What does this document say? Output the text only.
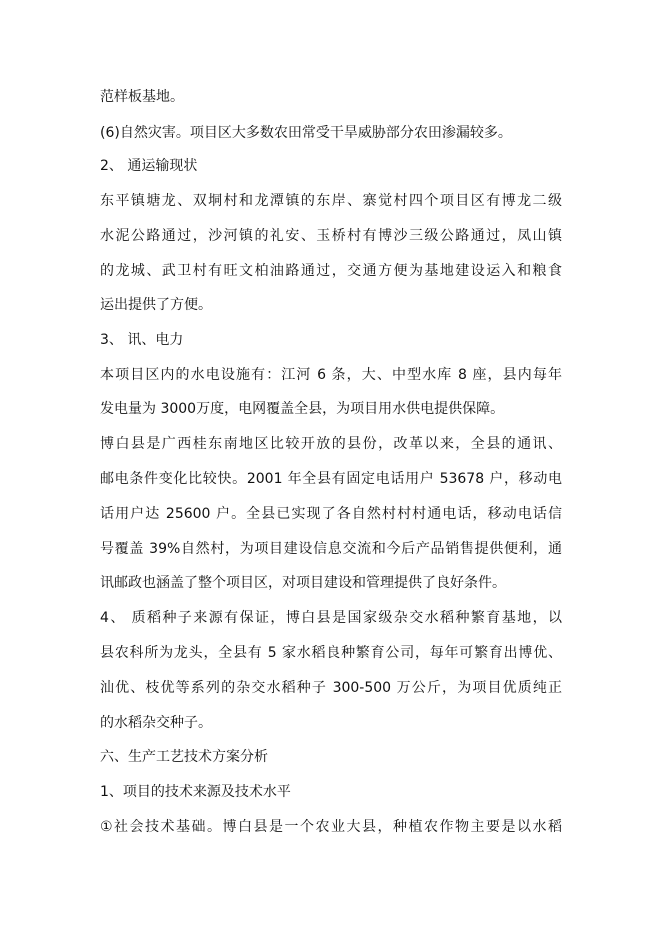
范样板基地。
(6)自然灾害。项目区大多数农田常受干旱威胁部分农田渗漏较多。
2、 通运输现状
东平镇塘龙、双垌村和龙潭镇的东岸、寨觉村四个项目区有博龙二级
水泥公路通过，沙河镇的礼安、玉桥村有博沙三级公路通过，凤山镇
的龙城、武卫村有旺文柏油路通过，交通方便为基地建设运入和粮食
运出提供了方便。
3、 讯、电力
本项目区内的水电设施有：江河 6 条，大、中型水库 8 座，县内每年
发电量为 3000万度，电网覆盖全县，为项目用水供电提供保障。
博白县是广西桂东南地区比较开放的县份，改革以来，全县的通讯、
邮电条件变化比较快。2001 年全县有固定电话用户 53678 户，移动电
话用户达 25600 户。全县已实现了各自然村村村通电话，移动电话信
号覆盖 39%自然村，为项目建设信息交流和今后产品销售提供便利，通
讯邮政也涵盖了整个项目区，对项目建设和管理提供了良好条件。
4、 质稻种子来源有保证，博白县是国家级杂交水稻种繁育基地，以
县农科所为龙头，全县有 5 家水稻良种繁育公司，每年可繁育出博优、
汕优、枝优等系列的杂交水稻种子 300-500 万公斤，为项目优质纯正
的水稻杂交种子。
六、生产工艺技术方案分析
1、项目的技术来源及技术水平
①社会技术基础。博白县是一个农业大县，种植农作物主要是以水稻
